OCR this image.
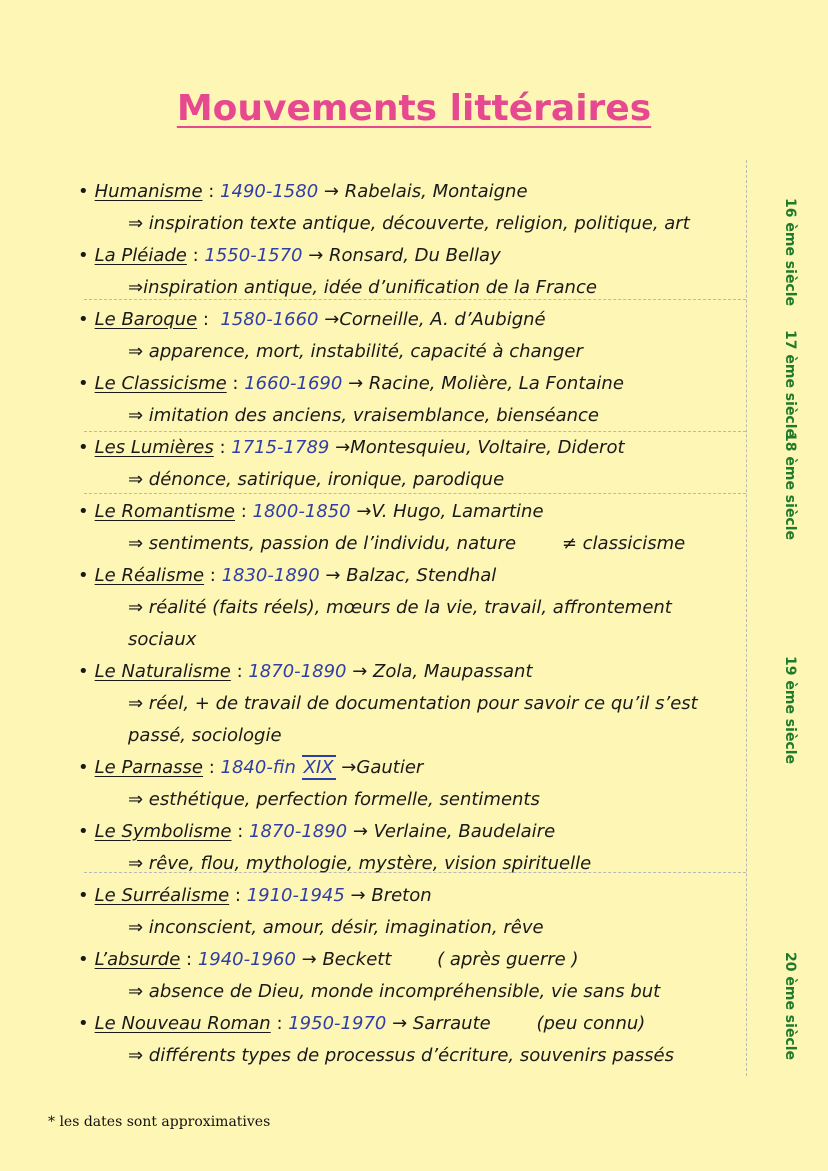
Mouvements littéraires
• Humanisme : 1490-1580 → Rabelais, Montaigne
⇒ inspiration texte antique, découverte, religion, politique, art
• La Pléiade : 1550-1570 → Ronsard, Du Bellay
⇒inspiration antique, idée d’unification de la France
• Le Baroque :  1580-1660 →Corneille, A. d’Aubigné
⇒ apparence, mort, instabilité, capacité à changer
• Le Classicisme : 1660-1690 → Racine, Molière, La Fontaine
⇒ imitation des anciens, vraisemblance, bienséance
• Les Lumières : 1715-1789 →Montesquieu, Voltaire, Diderot
⇒ dénonce, satirique, ironique, parodique
• Le Romantisme : 1800-1850 →V. Hugo, Lamartine
⇒ sentiments, passion de l’individu, nature        ≠ classicisme
• Le Réalisme : 1830-1890 → Balzac, Stendhal
⇒ réalité (faits réels), mœurs de la vie, travail, affrontement
sociaux
• Le Naturalisme : 1870-1890 → Zola, Maupassant
⇒ réel, + de travail de documentation pour savoir ce qu’il s’est
passé, sociologie
• Le Parnasse : 1840-fin XIX →Gautier
⇒ esthétique, perfection formelle, sentiments
• Le Symbolisme : 1870-1890 → Verlaine, Baudelaire
⇒ rêve, flou, mythologie, mystère, vision spirituelle
• Le Surréalisme : 1910-1945 → Breton
⇒ inconscient, amour, désir, imagination, rêve
• L’absurde : 1940-1960 → Beckett        ( après guerre )
⇒ absence de Dieu, monde incompréhensible, vie sans but
• Le Nouveau Roman : 1950-1970 → Sarraute        (peu connu)
⇒ différents types de processus d’écriture, souvenirs passés
16 ème siècle
17 ème siècle
18 ème siècle
19 ème siècle
20 ème siècle
* les dates sont approximatives
